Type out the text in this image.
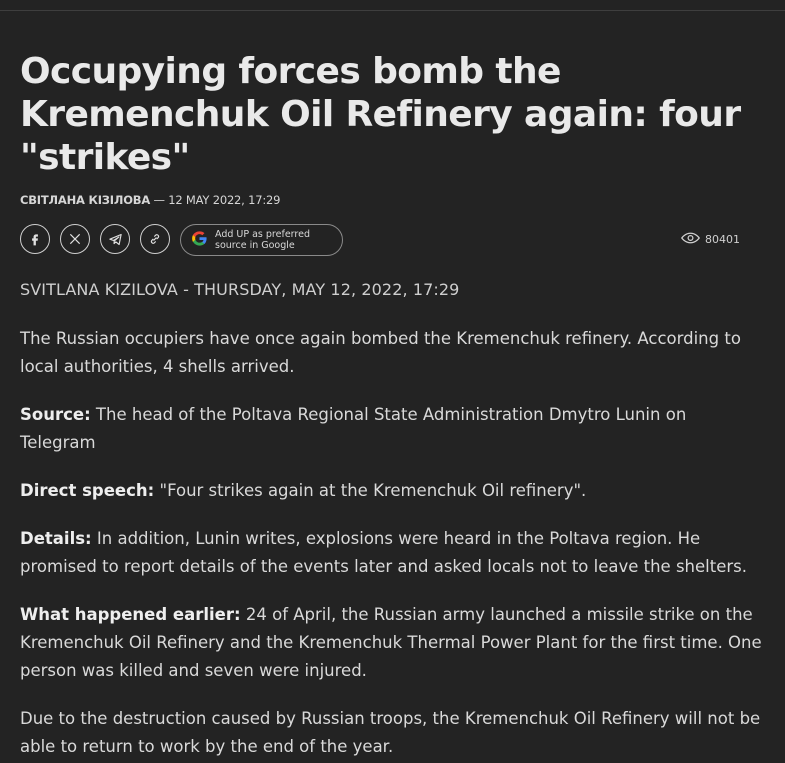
Occupying forces bomb the Kremenchuk Oil Refinery again: four "strikes"
СВІТЛАНА КІЗІЛОВА — 12 MAY 2022, 17:29
Add UP as preferred
source in Google	80401
SVITLANA KIZILOVA - THURSDAY, MAY 12, 2022, 17:29
The Russian occupiers have once again bombed the Kremenchuk refinery. According to local authorities, 4 shells arrived.
Source: The head of the Poltava Regional State Administration Dmytro Lunin on Telegram
Direct speech: "Four strikes again at the Kremenchuk Oil refinery".
Details: In addition, Lunin writes, explosions were heard in the Poltava region. He promised to report details of the events later and asked locals not to leave the shelters.
What happened earlier: 24 of April, the Russian army launched a missile strike on the Kremenchuk Oil Refinery and the Kremenchuk Thermal Power Plant for the first time. One person was killed and seven were injured.
Due to the destruction caused by Russian troops, the Kremenchuk Oil Refinery will not be able to return to work by the end of the year.
